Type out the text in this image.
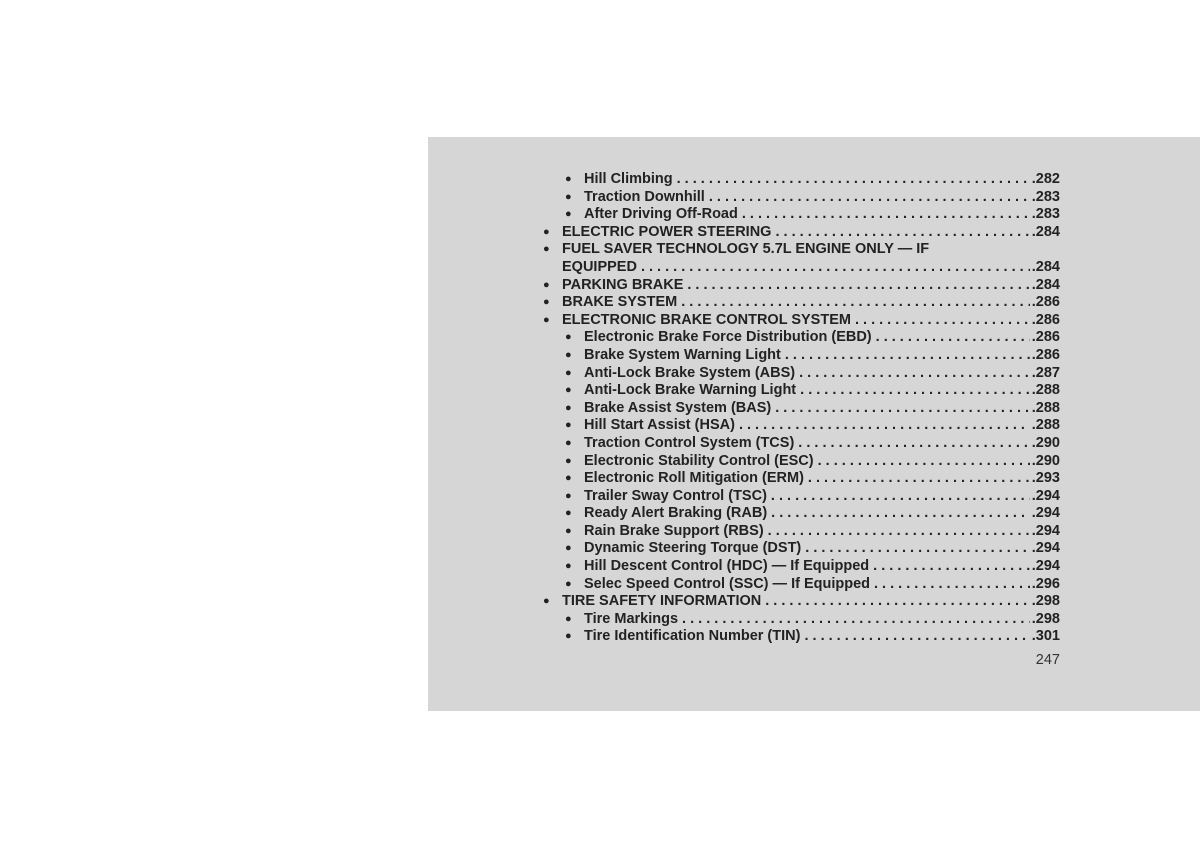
● Hill Climbing . . .	.282
● Traction Downhill . . .	.283
● After Driving Off-Road . . .	.283
● ELECTRIC POWER STEERING . . .	.284
● FUEL SAVER TECHNOLOGY 5.7L ENGINE ONLY — IF
EQUIPPED . . .	.284
● PARKING BRAKE . . .	.284
● BRAKE SYSTEM . . .	.286
● ELECTRONIC BRAKE CONTROL SYSTEM . . .	.286
● Electronic Brake Force Distribution (EBD) . . .	.286
● Brake System Warning Light . . .	.286
● Anti-Lock Brake System (ABS) . . .	.287
● Anti-Lock Brake Warning Light . . .	.288
● Brake Assist System (BAS) . . .	.288
● Hill Start Assist (HSA) . . .	.288
● Traction Control System (TCS) . . .	.290
● Electronic Stability Control (ESC) . . .	.290
● Electronic Roll Mitigation (ERM) . . .	.293
● Trailer Sway Control (TSC) . . .	.294
● Ready Alert Braking (RAB) . . .	.294
● Rain Brake Support (RBS) . . .	.294
● Dynamic Steering Torque (DST) . . .	.294
● Hill Descent Control (HDC) — If Equipped . . .	.294
● Selec Speed Control (SSC) — If Equipped . . .	.296
● TIRE SAFETY INFORMATION . . .	.298
● Tire Markings . . .	.298
● Tire Identification Number (TIN) . . .	.301
247
